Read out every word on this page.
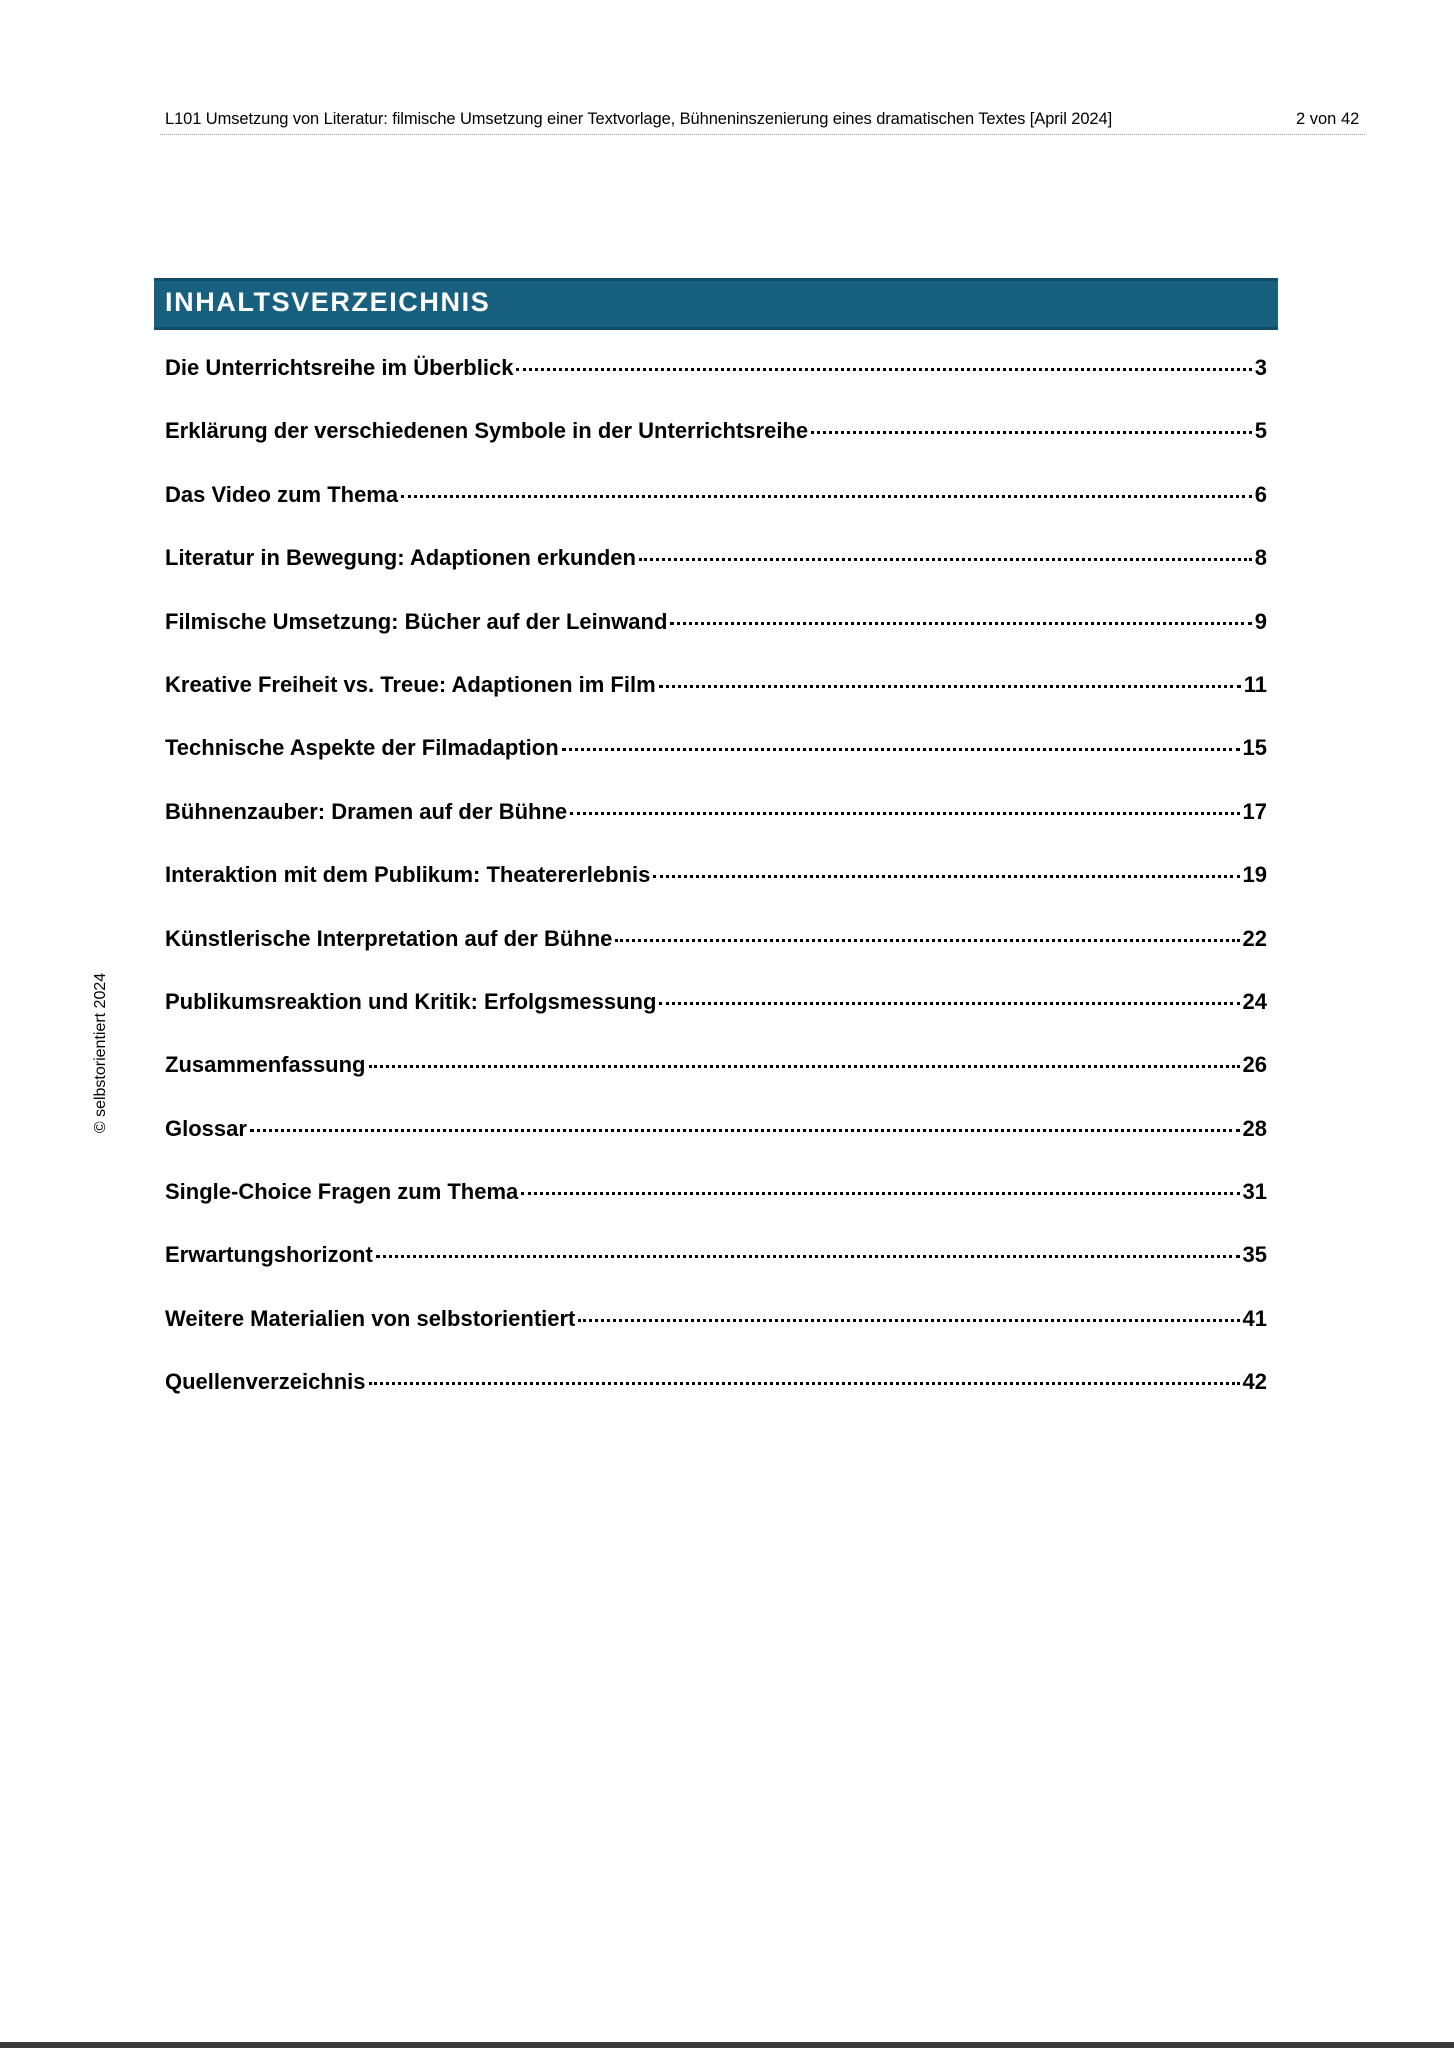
L101 Umsetzung von Literatur: filmische Umsetzung einer Textvorlage, Bühneninszenierung eines dramatischen Textes [April 2024]	2 von 42
© selbstorientiert 2024
INHALTSVERZEICHNIS
Die Unterrichtsreihe im Überblick	3
Erklärung der verschiedenen Symbole in der Unterrichtsreihe	5
Das Video zum Thema	6
Literatur in Bewegung: Adaptionen erkunden	8
Filmische Umsetzung: Bücher auf der Leinwand	9
Kreative Freiheit vs. Treue: Adaptionen im Film	11
Technische Aspekte der Filmadaption	15
Bühnenzauber: Dramen auf der Bühne	17
Interaktion mit dem Publikum: Theatererlebnis	19
Künstlerische Interpretation auf der Bühne	22
Publikumsreaktion und Kritik: Erfolgsmessung	24
Zusammenfassung	26
Glossar	28
Single-Choice Fragen zum Thema	31
Erwartungshorizont	35
Weitere Materialien von selbstorientiert	41
Quellenverzeichnis	42
